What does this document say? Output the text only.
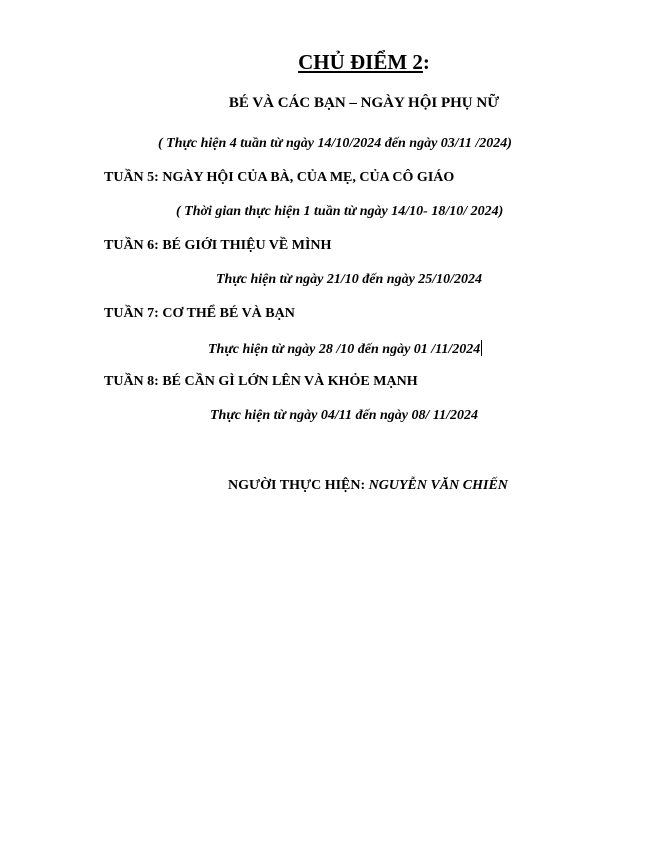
CHỦ ĐIỂM 2:
BÉ VÀ CÁC BẠN – NGÀY HỘI PHỤ NỮ
( Thực hiện 4 tuần từ ngày 14/10/2024 đến ngày 03/11 /2024)
TUẦN 5: NGÀY HỘI CỦA BÀ, CỦA MẸ, CỦA CÔ GIÁO
( Thời gian thực hiện 1 tuần từ ngày 14/10- 18/10/ 2024)
TUẦN 6: BÉ GIỚI THIỆU VỀ MÌNH
Thực hiện từ ngày 21/10 đến ngày 25/10/2024
TUẦN 7: CƠ THỂ BÉ VÀ BẠN
Thực hiện từ ngày 28 /10 đến ngày 01 /11/2024
TUẦN 8: BÉ CẦN GÌ LỚN LÊN VÀ KHỎE MẠNH
Thực hiện từ ngày 04/11 đến ngày 08/ 11/2024
NGƯỜI THỰC HIỆN: NGUYỄN VĂN CHIẾN
